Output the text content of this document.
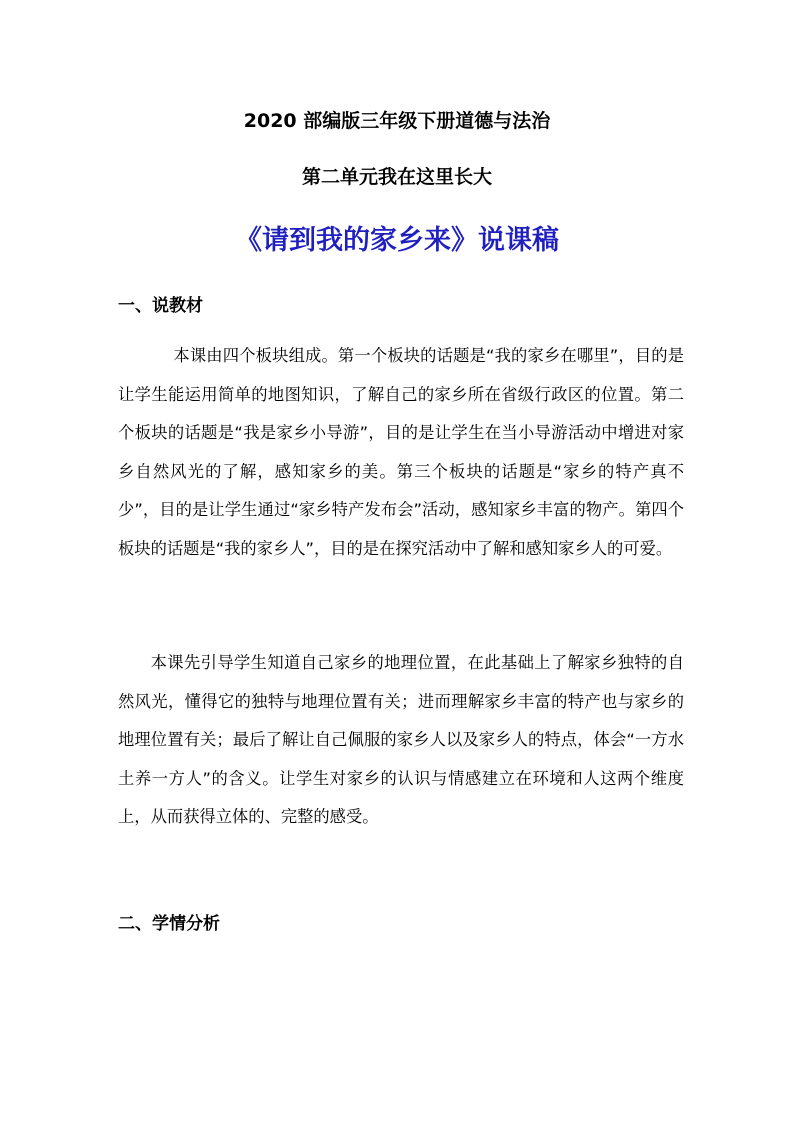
2020 部编版三年级下册道德与法治
第二单元我在这里长大
《请到我的家乡来》说课稿
一、说教材

本课由四个板块组成。第一个板块的话题是“我的家乡在哪里”，目的是让学生能运用简单的地图知识，了解自己的家乡所在省级行政区的位置。第二个板块的话题是“我是家乡小导游”，目的是让学生在当小导游活动中增进对家乡自然风光的了解，感知家乡的美。第三个板块的话题是“家乡的特产真不少”，目的是让学生通过“家乡特产发布会”活动，感知家乡丰富的物产。第四个板块的话题是“我的家乡人”，目的是在探究活动中了解和感知家乡人的可爱。

本课先引导学生知道自己家乡的地理位置，在此基础上了解家乡独特的自然风光，懂得它的独特与地理位置有关；进而理解家乡丰富的特产也与家乡的地理位置有关；最后了解让自己佩服的家乡人以及家乡人的特点，体会“一方水土养一方人”的含义。让学生对家乡的认识与情感建立在环境和人这两个维度上，从而获得立体的、完整的感受。

二、学情分析
